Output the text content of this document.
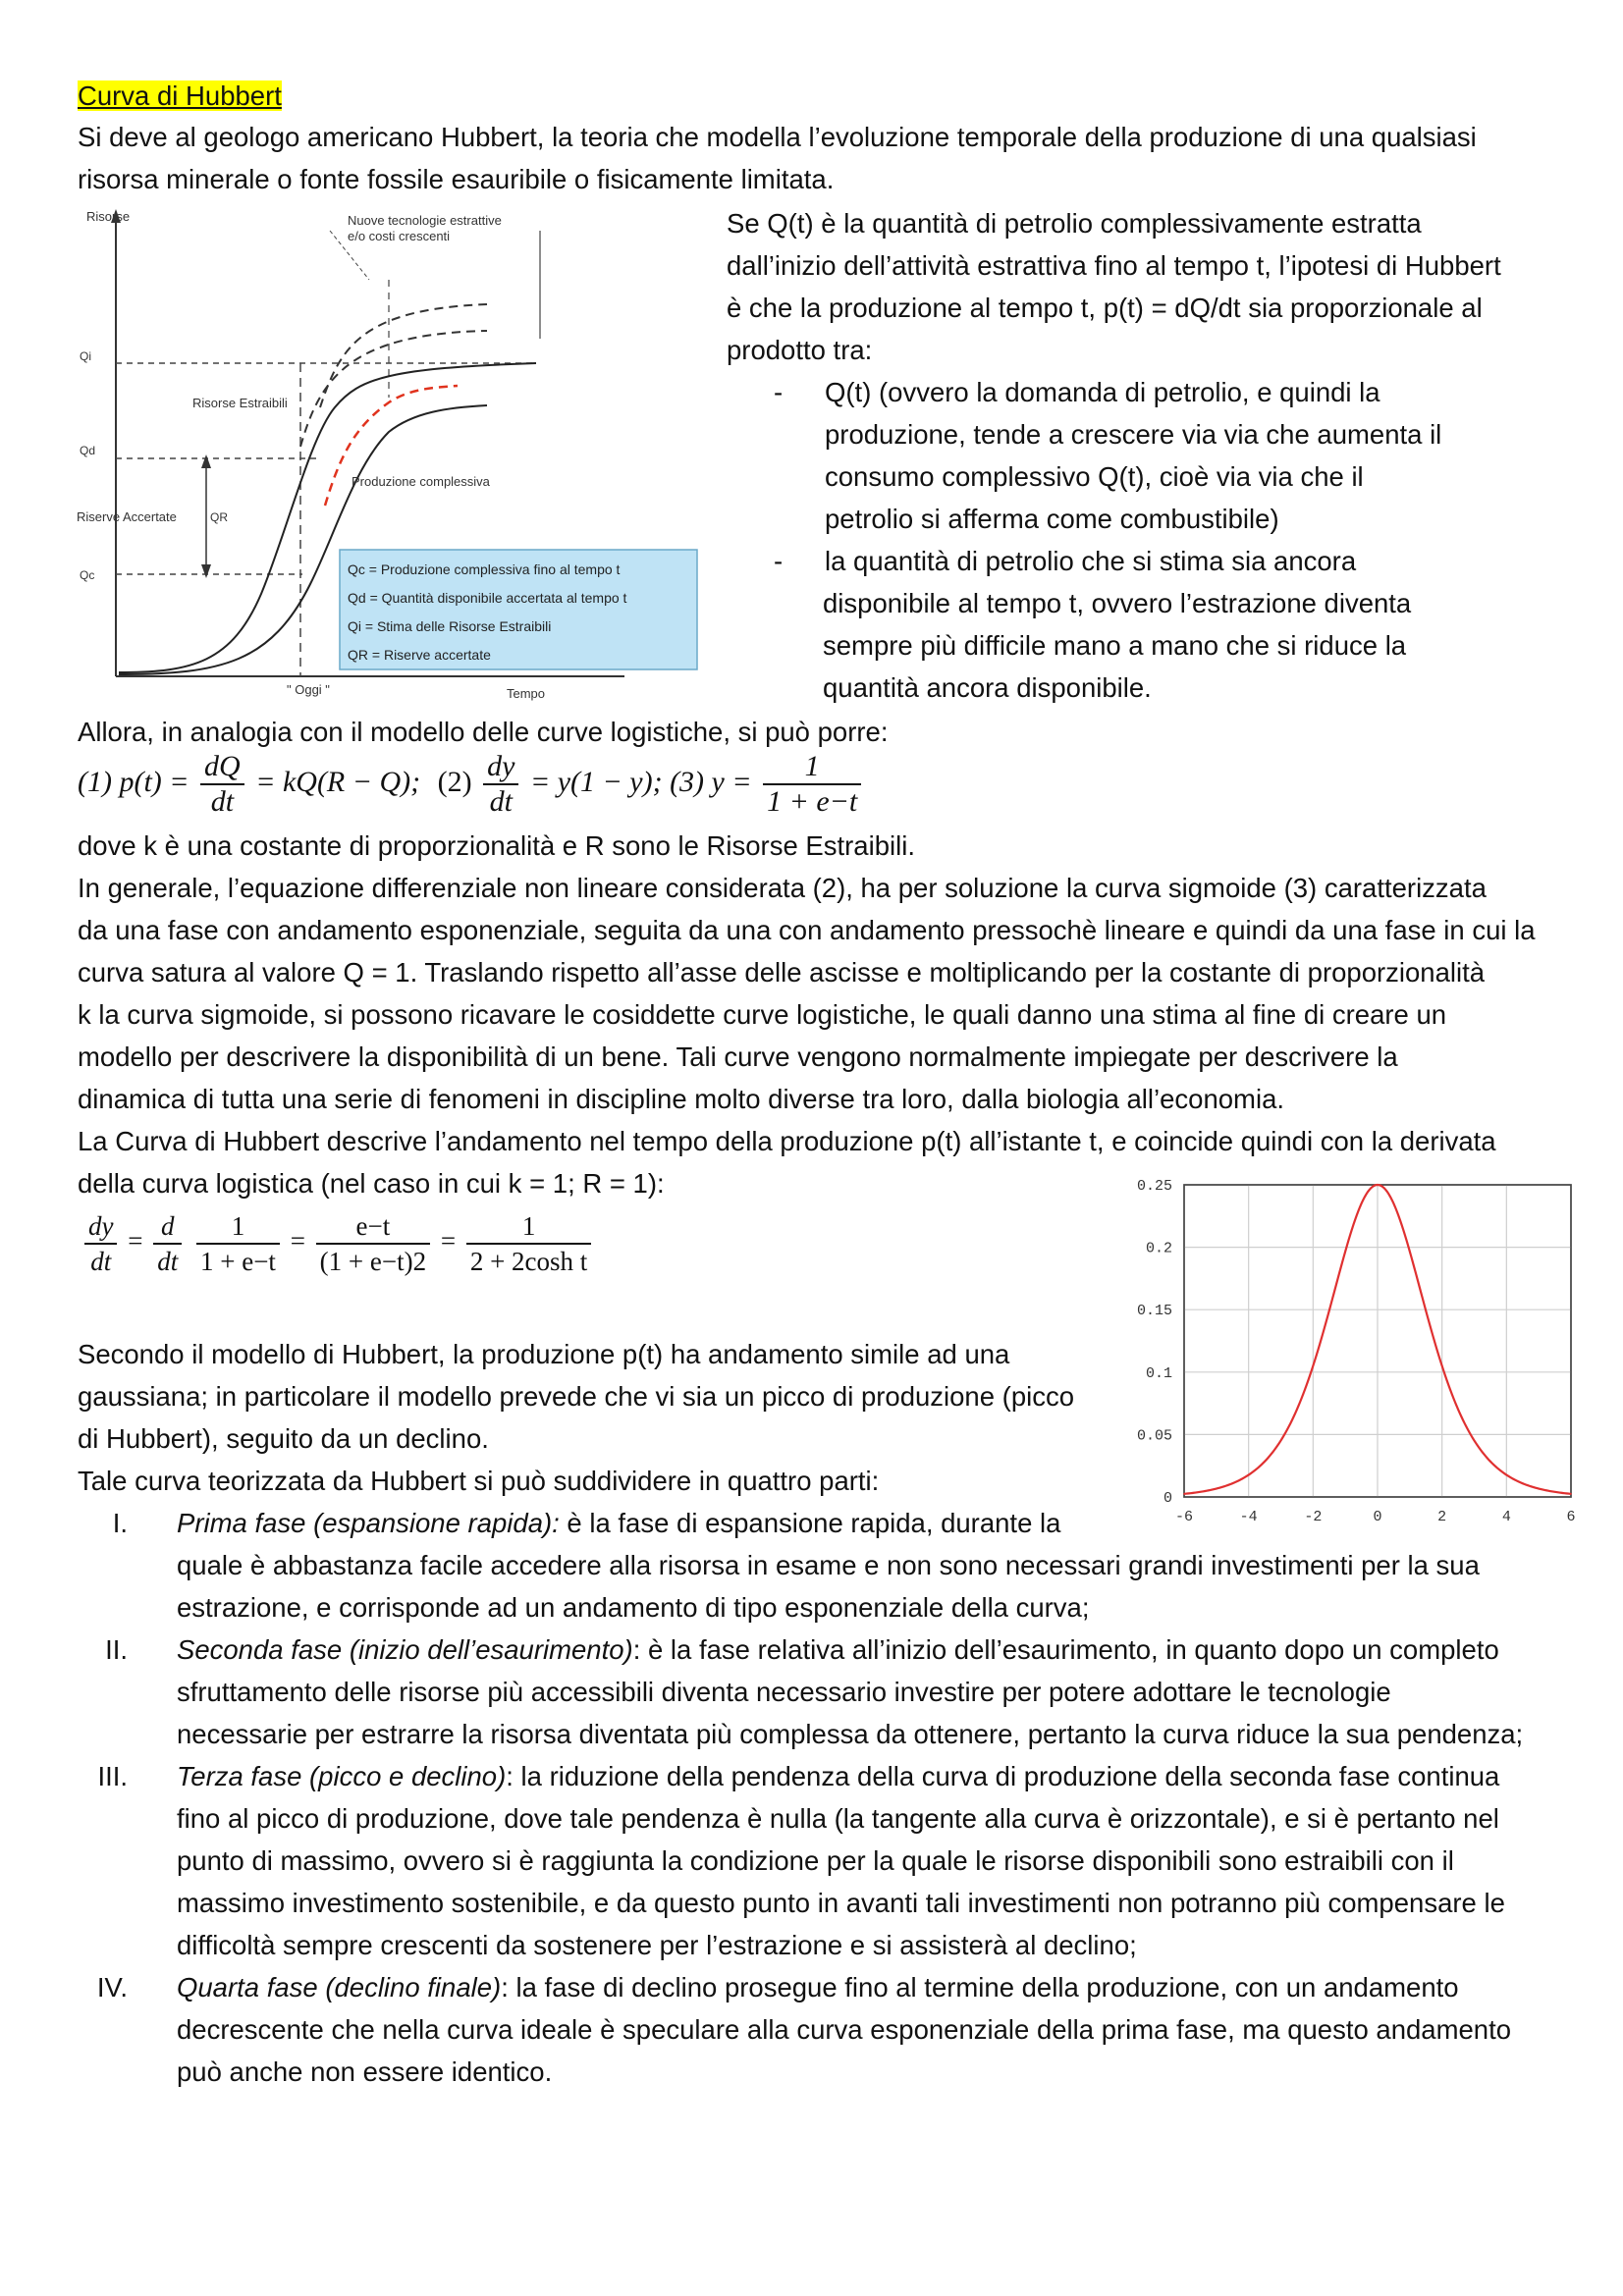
Curva di Hubbert
Si deve al geologo americano Hubbert, la teoria che modella l’evoluzione temporale della produzione di una qualsiasi
risorsa minerale o fonte fossile esauribile o fisicamente limitata.
Risorse
Tempo
" Oggi "
Qi
Qd
Qc
QR
Riserve Accertate
Risorse Estraibili
Produzione complessiva
Nuove tecnologie estrattive
e/o costi crescenti
Qc = Produzione complessiva fino al tempo t
Qd = Quantità disponibile accertata al tempo t
Qi = Stima delle Risorse Estraibili
QR = Riserve accertate
Se Q(t) è la quantità di petrolio complessivamente estratta
dall’inizio dell’attività estrattiva fino al tempo t, l’ipotesi di Hubbert
è che la produzione al tempo t, p(t) = dQ/dt sia proporzionale al
prodotto tra:
- Q(t) (ovvero la domanda di petrolio, e quindi la
produzione, tende a crescere via via che aumenta il
consumo complessivo Q(t), cioè via via che il
petrolio si afferma come combustibile)
- la quantità di petrolio che si stima sia ancora
disponibile al tempo t, ovvero l’estrazione diventa
sempre più difficile mano a mano che si riduce la
quantità ancora disponibile.
Allora, in analogia con il modello delle curve logistiche, si può porre:
(1) $p(t) = \frac{dQ}{dt} = kQ(R - Q)$; $(2) \frac{dy}{dt} = y(1 - y)$; (3) $y = \frac{1}{1 + e-t}$
dove k è una costante di proporzionalità e R sono le Risorse Estraibili.
In generale, l’equazione differenziale non lineare considerata (2), ha per soluzione la curva sigmoide (3) caratterizzata
da una fase con andamento esponenziale, seguita da una con andamento pressochè lineare e quindi da una fase in cui la
curva satura al valore Q = 1. Traslando rispetto all’asse delle ascisse e moltiplicando per la costante di proporzionalità
k la curva sigmoide, si possono ricavare le cosiddette curve logistiche, le quali danno una stima al fine di creare un
modello per descrivere la disponibilità di un bene. Tali curve vengono normalmente impiegate per descrivere la
dinamica di tutta una serie di fenomeni in discipline molto diverse tra loro, dalla biologia all’economia.
La Curva di Hubbert descrive l’andamento nel tempo della produzione p(t) all’istante t, e coincide quindi con la derivata
della curva logistica (nel caso in cui k = 1; R = 1):
$\frac{dy}{dt} = \frac{d}{dt}$
$\frac{1}{1 + e-t} = \frac{e-t}{(1 + e-t)2} = \frac{1}{\text{2 + 2cosh t}}$
Secondo il modello di Hubbert, la produzione p(t) ha andamento simile ad una
gaussiana; in particolare il modello prevede che vi sia un picco di produzione (picco
di Hubbert), seguito da un declino.
Tale curva teorizzata da Hubbert si può suddividere in quattro parti:
-6	-4	-2	0	2	4	6
0
0.05
0.1
0.15
0.2
0.25
I. Prima fase (espansione rapida): è la fase di espansione rapida, durante la
quale è abbastanza facile accedere alla risorsa in esame e non sono necessari grandi investimenti per la sua
estrazione, e corrisponde ad un andamento di tipo esponenziale della curva;
II. Seconda fase (inizio dell’esaurimento): è la fase relativa all’inizio dell’esaurimento, in quanto dopo un completo
sfruttamento delle risorse più accessibili diventa necessario investire per potere adottare le tecnologie
necessarie per estrarre la risorsa diventata più complessa da ottenere, pertanto la curva riduce la sua pendenza;
III. Terza fase (picco e declino): la riduzione della pendenza della curva di produzione della seconda fase continua
fino al picco di produzione, dove tale pendenza è nulla (la tangente alla curva è orizzontale), e si è pertanto nel
punto di massimo, ovvero si è raggiunta la condizione per la quale le risorse disponibili sono estraibili con il
massimo investimento sostenibile, e da questo punto in avanti tali investimenti non potranno più compensare le
difficoltà sempre crescenti da sostenere per l’estrazione e si assisterà al declino;
IV. Quarta fase (declino finale): la fase di declino prosegue fino al termine della produzione, con un andamento
decrescente che nella curva ideale è speculare alla curva esponenziale della prima fase, ma questo andamento
può anche non essere identico.
